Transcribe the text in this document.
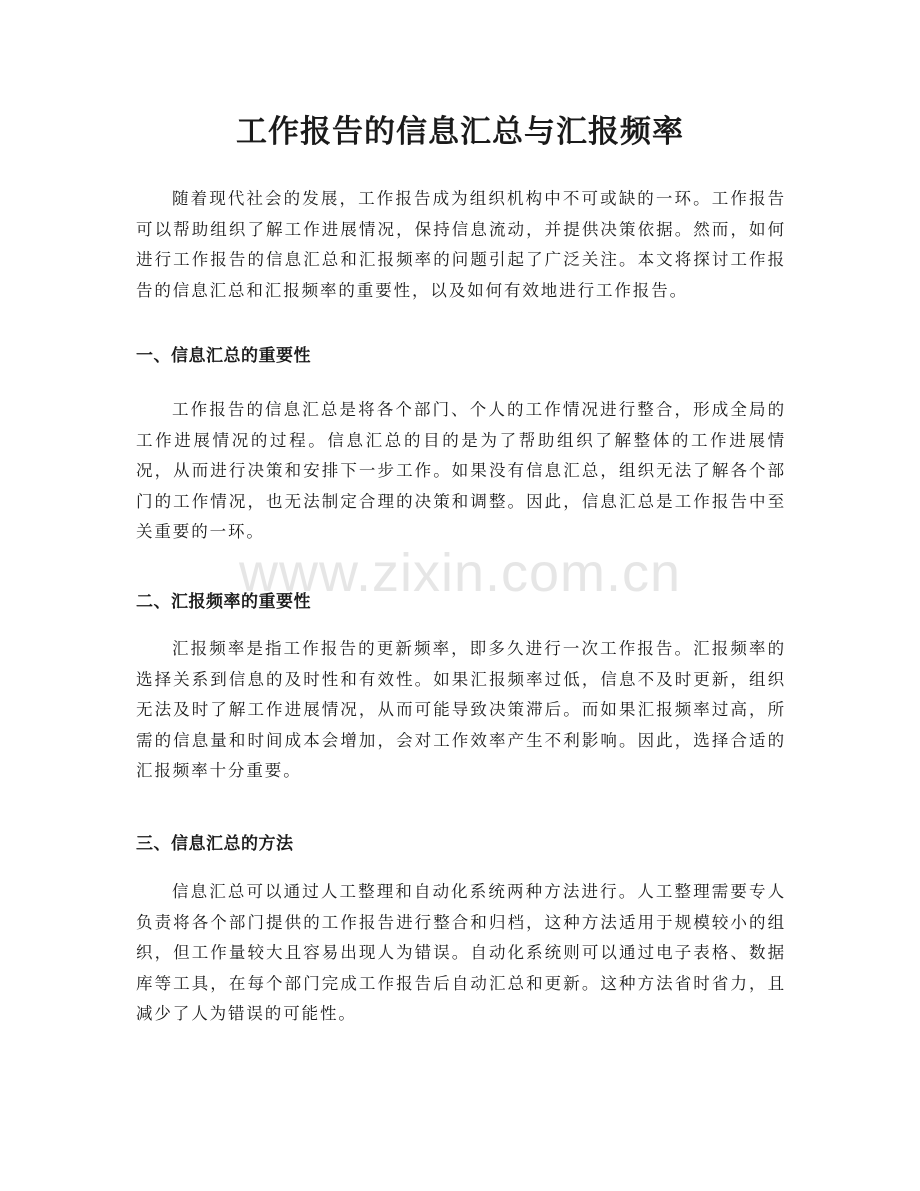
工作报告的信息汇总与汇报频率

随着现代社会的发展，工作报告成为组织机构中不可或缺的一环。工作报告可以帮助组织了解工作进展情况，保持信息流动，并提供决策依据。然而，如何进行工作报告的信息汇总和汇报频率的问题引起了广泛关注。本文将探讨工作报告的信息汇总和汇报频率的重要性，以及如何有效地进行工作报告。

一、信息汇总的重要性

工作报告的信息汇总是将各个部门、个人的工作情况进行整合，形成全局的工作进展情况的过程。信息汇总的目的是为了帮助组织了解整体的工作进展情况，从而进行决策和安排下一步工作。如果没有信息汇总，组织无法了解各个部门的工作情况，也无法制定合理的决策和调整。因此，信息汇总是工作报告中至关重要的一环。

二、汇报频率的重要性

汇报频率是指工作报告的更新频率，即多久进行一次工作报告。汇报频率的选择关系到信息的及时性和有效性。如果汇报频率过低，信息不及时更新，组织无法及时了解工作进展情况，从而可能导致决策滞后。而如果汇报频率过高，所需的信息量和时间成本会增加，会对工作效率产生不利影响。因此，选择合适的汇报频率十分重要。

三、信息汇总的方法

信息汇总可以通过人工整理和自动化系统两种方法进行。人工整理需要专人负责将各个部门提供的工作报告进行整合和归档，这种方法适用于规模较小的组织，但工作量较大且容易出现人为错误。自动化系统则可以通过电子表格、数据库等工具，在每个部门完成工作报告后自动汇总和更新。这种方法省时省力，且减少了人为错误的可能性。

www.zixin.com.cn
